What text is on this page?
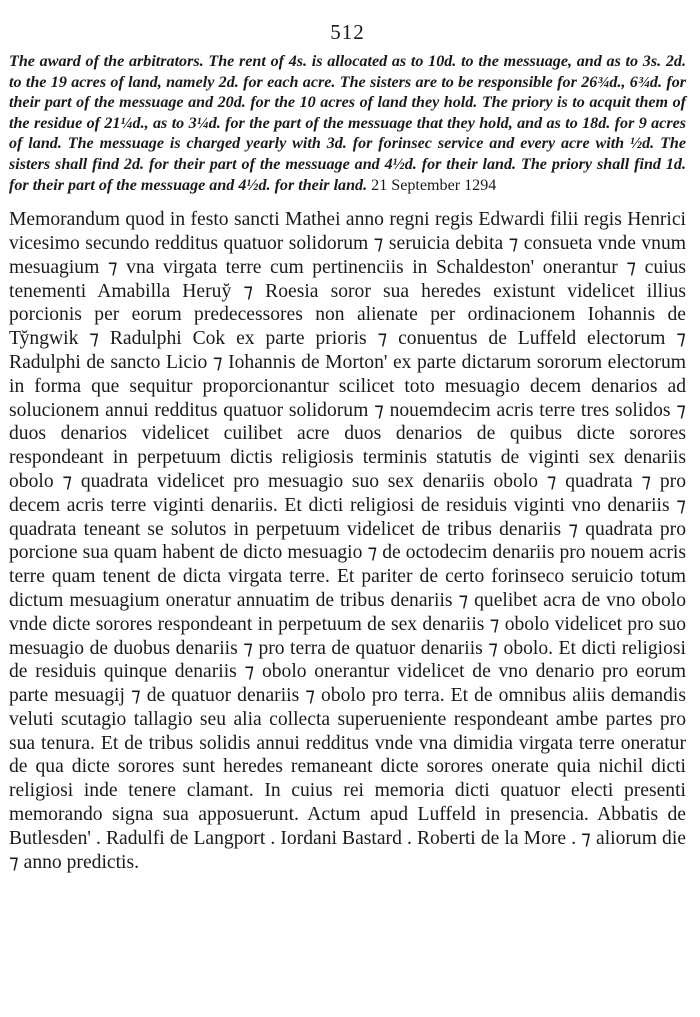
512

The award of the arbitrators. The rent of 4s. is allocated as to 10d. to the messuage, and as to 3s. 2d. to the 19 acres of land, namely 2d. for each acre. The sisters are to be responsible for 26¾d., 6¾d. for their part of the messuage and 20d. for the 10 acres of land they hold. The priory is to acquit them of the residue of 21¼d., as to 3¼d. for the part of the messuage that they hold, and as to 18d. for 9 acres of land. The messuage is charged yearly with 3d. for forinsec service and every acre with ½d. The sisters shall find 2d. for their part of the messuage and 4½d. for their land. The priory shall find 1d. for their part of the messuage and 4½d. for their land. 21 September 1294

Memorandum quod in festo sancti Mathei anno regni regis Edwardi filii regis Henrici vicesimo secundo redditus quatuor solidorum ⁊ seruicia debita ⁊ consueta vnde vnum mesuagium ⁊ vna virgata terre cum pertinenciis in Schaldeston' onerantur ⁊ cuius tenementi Amabilla Heruy̆ ⁊ Roesia soror sua heredes existunt videlicet illius porcionis per eorum predecessores non alienate per ordinacionem Iohannis de Ty̆ngwik ⁊ Radulphi Cok ex parte prioris ⁊ conuentus de Luffeld electorum ⁊ Radulphi de sancto Licio ⁊ Iohannis de Morton' ex parte dictarum sororum electorum in forma que sequitur proporcionantur scilicet toto mesuagio decem denarios ad solucionem annui redditus quatuor solidorum ⁊ nouemdecim acris terre tres solidos ⁊ duos denarios videlicet cuilibet acre duos denarios de quibus dicte sorores respondeant in perpetuum dictis religiosis terminis statutis de viginti sex denariis obolo ⁊ quadrata videlicet pro mesuagio suo sex denariis obolo ⁊ quadrata ⁊ pro decem acris terre viginti denariis. Et dicti religiosi de residuis viginti vno denariis ⁊ quadrata teneant se solutos in perpetuum videlicet de tribus denariis ⁊ quadrata pro porcione sua quam habent de dicto mesuagio ⁊ de octodecim denariis pro nouem acris terre quam tenent de dicta virgata terre. Et pariter de certo forinseco seruicio totum dictum mesuagium oneratur annuatim de tribus denariis ⁊ quelibet acra de vno obolo vnde dicte sorores respondeant in perpetuum de sex denariis ⁊ obolo videlicet pro suo mesuagio de duobus denariis ⁊ pro terra de quatuor denariis ⁊ obolo. Et dicti religiosi de residuis quinque denariis ⁊ obolo onerantur videlicet de vno denario pro eorum parte mesuagij ⁊ de quatuor denariis ⁊ obolo pro terra. Et de omnibus aliis demandis veluti scutagio tallagio seu alia collecta superueniente respondeant ambe partes pro sua tenura. Et de tribus solidis annui redditus vnde vna dimidia virgata terre oneratur de qua dicte sorores sunt heredes remaneant dicte sorores onerate quia nichil dicti religiosi inde tenere clamant. In cuius rei memoria dicti quatuor electi presenti memorando signa sua apposuerunt. Actum apud Luffeld in presencia. Abbatis de Butlesden' . Radulfi de Langport . Iordani Bastard . Roberti de la More . ⁊ aliorum die ⁊ anno predictis.
